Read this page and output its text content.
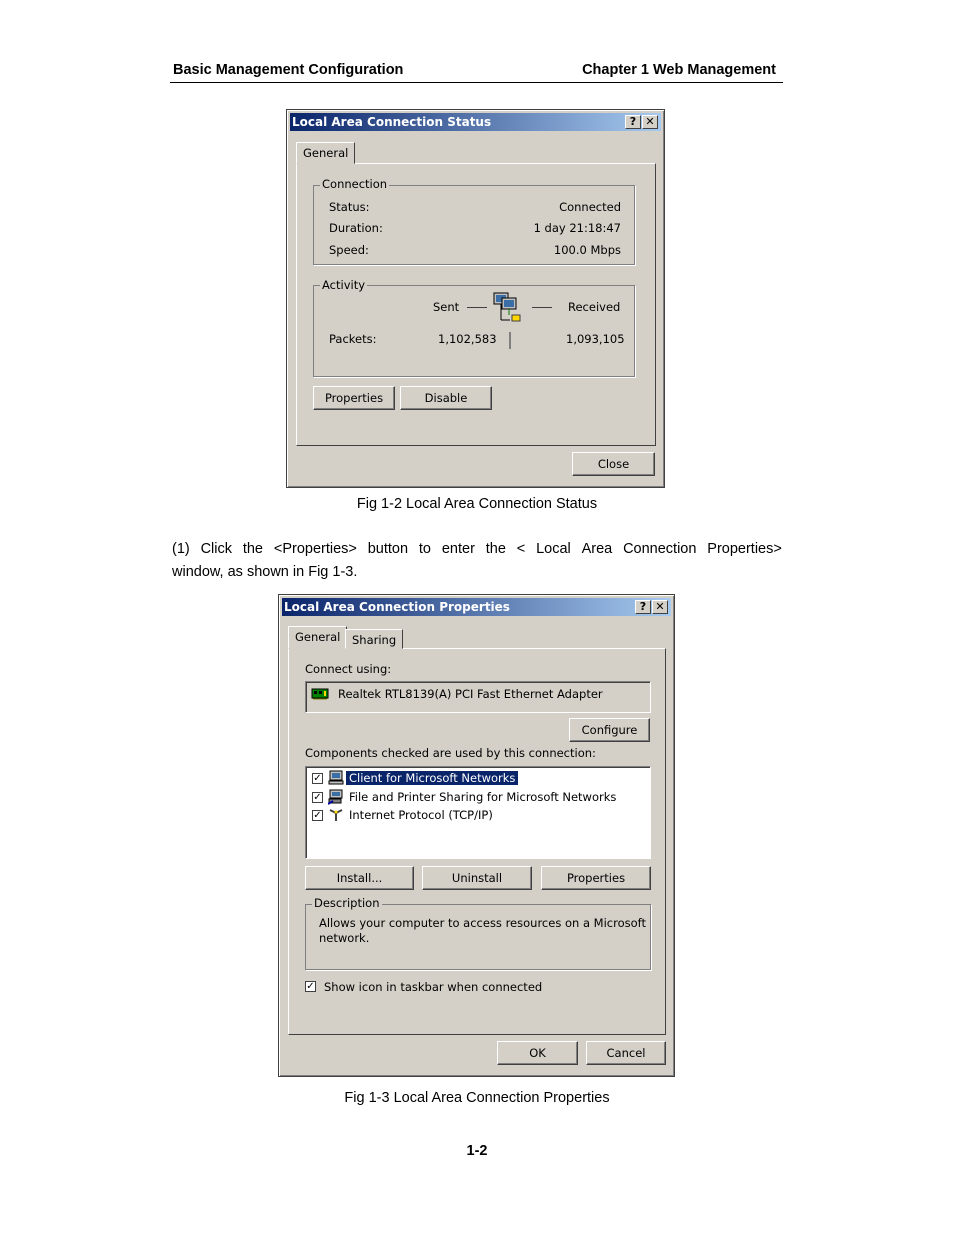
Basic Management Configuration	Chapter 1 Web Management
Local Area Connection Status	? ✕
General
Connection
Status:	Connected
Duration:	1 day 21:18:47
Speed:	100.0 Mbps
Activity
Sent	Received
Packets:	1,102,583	1,093,105
Properties	Disable
Close
Fig 1-2 Local Area Connection Status
(1) Click the <Properties> button to enter the < Local Area Connection Properties>
window, as shown in Fig 1-3.
Local Area Connection Properties	? ✕
General	Sharing
Connect using:
Realtek RTL8139(A) PCI Fast Ethernet Adapter
Configure
Components checked are used by this connection:
✓ Client for Microsoft Networks
✓ File and Printer Sharing for Microsoft Networks
✓ Internet Protocol (TCP/IP)
Install...	Uninstall	Properties
Description
Allows your computer to access resources on a Microsoft
network.
✓ Show icon in taskbar when connected
OK	Cancel
Fig 1-3 Local Area Connection Properties
1-2
